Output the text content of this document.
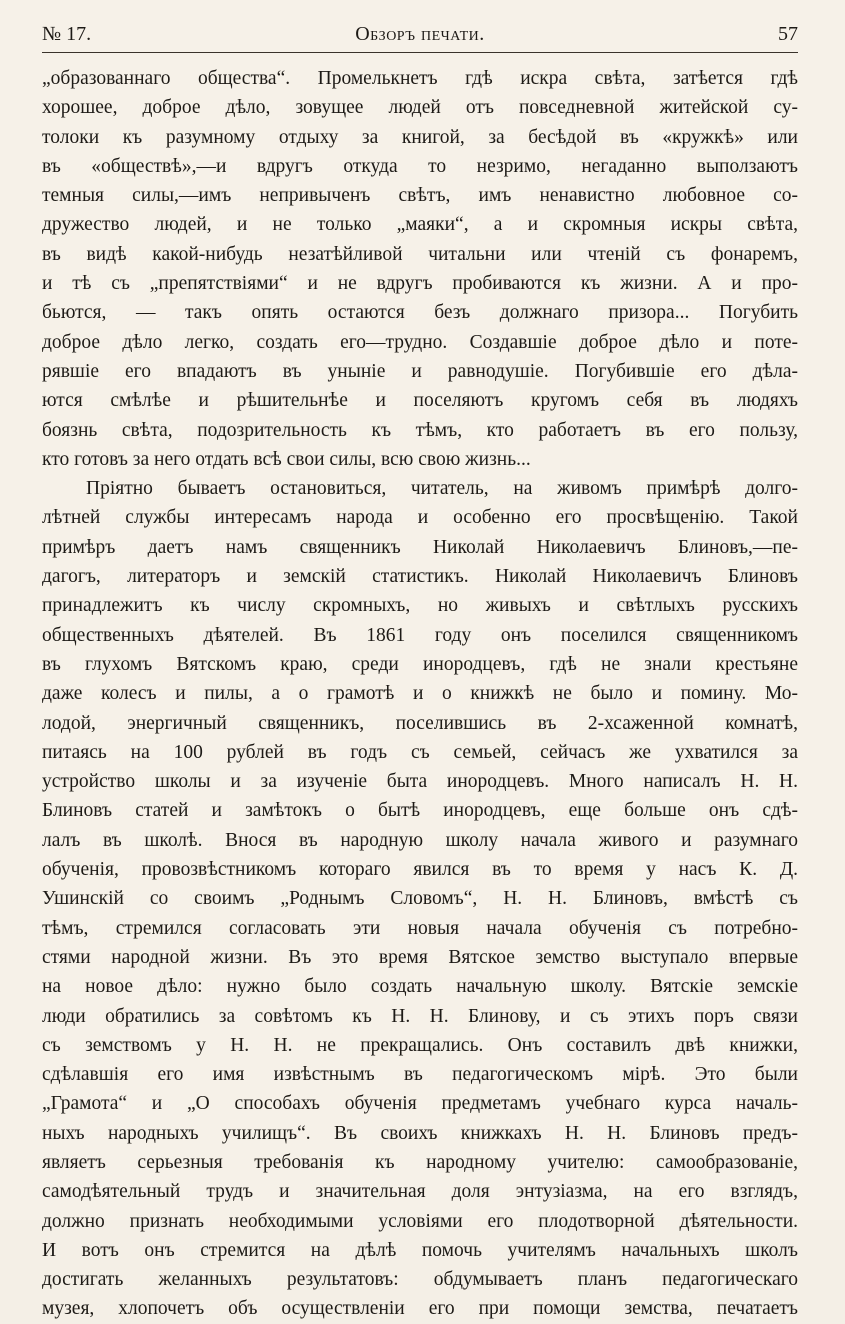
№ 17.	Обзоръ печати.	57
„образованнаго общества“. Промелькнетъ гдѣ искра свѣта, затѣется гдѣ
хорошее, доброе дѣло, зовущее людей отъ повседневной житейской су-
толоки къ разумному отдыху за книгой, за бесѣдой въ «кружкѣ» или
въ «обществѣ»,—и вдругъ откуда то незримо, негаданно выползаютъ
темныя силы,—имъ непривыченъ свѣтъ, имъ ненавистно любовное со-
дружество людей, и не только „маяки“, а и скромныя искры свѣта,
въ видѣ какой-нибудь незатѣйливой читальни или чтеній съ фонаремъ,
и тѣ съ „препятствіями“ и не вдругъ пробиваются къ жизни. А и про-
бьются, — такъ опять остаются безъ должнаго призора... Погубить
доброе дѣло легко, создать его—трудно. Создавшіе доброе дѣло и поте-
рявшіе его впадаютъ въ уныніе и равнодушіе. Погубившіе его дѣла-
ются смѣлѣе и рѣшительнѣе и поселяютъ кругомъ себя въ людяхъ
боязнь свѣта, подозрительность къ тѣмъ, кто работаетъ въ его пользу,
кто готовъ за него отдать всѣ свои силы, всю свою жизнь...
Пріятно бываетъ остановиться, читатель, на живомъ примѣрѣ долго-
лѣтней службы интересамъ народа и особенно его просвѣщенію. Такой
примѣръ даетъ намъ священникъ Николай Николаевичъ Блиновъ,—пе-
дагогъ, литераторъ и земскій статистикъ. Николай Николаевичъ Блиновъ
принадлежитъ къ числу скромныхъ, но живыхъ и свѣтлыхъ русскихъ
общественныхъ дѣятелей. Въ 1861 году онъ поселился священникомъ
въ глухомъ Вятскомъ краю, среди инородцевъ, гдѣ не знали крестьяне
даже колесъ и пилы, а о грамотѣ и о книжкѣ не было и помину. Мо-
лодой, энергичный священникъ, поселившись въ 2-хсаженной комнатѣ,
питаясь на 100 рублей въ годъ съ семьей, сейчасъ же ухватился за
устройство школы и за изученіе быта инородцевъ. Много написалъ Н. Н.
Блиновъ статей и замѣтокъ о бытѣ инородцевъ, еще больше онъ сдѣ-
лалъ въ школѣ. Внося въ народную школу начала живого и разумнаго
обученія, провозвѣстникомъ котораго явился въ то время у насъ К. Д.
Ушинскій со своимъ „Роднымъ Словомъ“, Н. Н. Блиновъ, вмѣстѣ съ
тѣмъ, стремился согласовать эти новыя начала обученія съ потребно-
стями народной жизни. Въ это время Вятское земство выступало впервые
на новое дѣло: нужно было создать начальную школу. Вятскіе земскіе
люди обратились за совѣтомъ къ Н. Н. Блинову, и съ этихъ поръ связи
съ земствомъ у Н. Н. не прекращались. Онъ составилъ двѣ книжки,
сдѣлавшія его имя извѣстнымъ въ педагогическомъ мірѣ. Это были
„Грамота“ и „О способахъ обученія предметамъ учебнаго курса началь-
ныхъ народныхъ училищъ“. Въ своихъ книжкахъ Н. Н. Блиновъ предъ-
являетъ серьезныя требованія къ народному учителю: самообразованіе,
самодѣятельный трудъ и значительная доля энтузіазма, на его взглядъ,
должно признать необходимыми условіями его плодотворной дѣятельности.
И вотъ онъ стремится на дѣлѣ помочь учителямъ начальныхъ школъ
достигать желанныхъ результатовъ: обдумываетъ планъ педагогическаго
музея, хлопочетъ объ осуществленіи его при помощи земства, печатаетъ
